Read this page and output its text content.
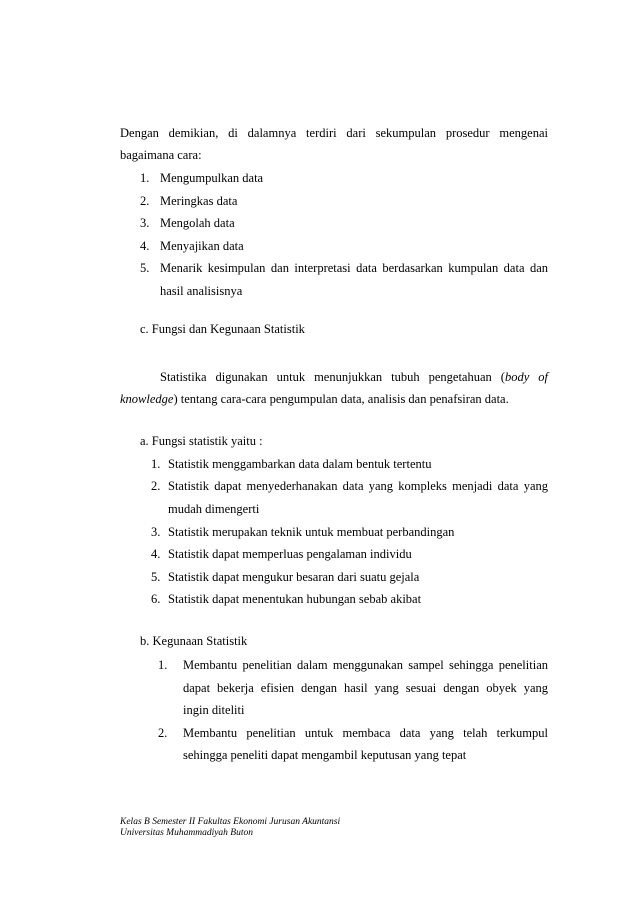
Dengan demikian, di dalamnya terdiri dari sekumpulan prosedur mengenai
bagaimana cara:
1. Mengumpulkan data
2. Meringkas data
3. Mengolah data
4. Menyajikan data
5. Menarik kesimpulan dan interpretasi data berdasarkan kumpulan data dan
hasil analisisnya
c. Fungsi dan Kegunaan Statistik
Statistika digunakan untuk menunjukkan tubuh pengetahuan (body of
knowledge) tentang cara-cara pengumpulan data, analisis dan penafsiran data.
a. Fungsi statistik yaitu :
1. Statistik menggambarkan data dalam bentuk tertentu
2. Statistik dapat menyederhanakan data yang kompleks menjadi data yang
mudah dimengerti
3. Statistik merupakan teknik untuk membuat perbandingan
4. Statistik dapat memperluas pengalaman individu
5. Statistik dapat mengukur besaran dari suatu gejala
6. Statistik dapat menentukan hubungan sebab akibat
b. Kegunaan Statistik
1. Membantu penelitian dalam menggunakan sampel sehingga penelitian
dapat bekerja efisien dengan hasil yang sesuai dengan obyek yang
ingin diteliti
2. Membantu penelitian untuk membaca data yang telah terkumpul
sehingga peneliti dapat mengambil keputusan yang tepat
Kelas B Semester II Fakultas Ekonomi Jurusan Akuntansi
Universitas Muhammadiyah Buton
